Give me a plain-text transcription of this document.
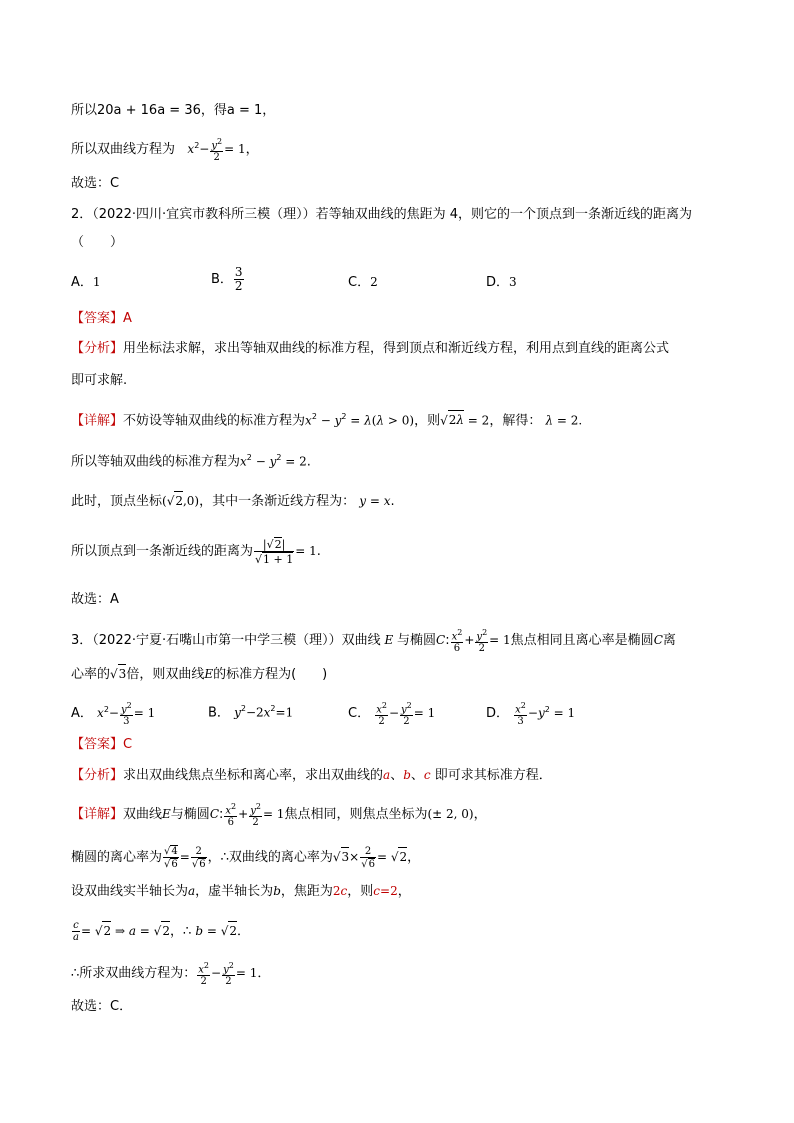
所以20a + 16a = 36，得a = 1，
所以双曲线方程为 $x^2- \frac{y^2}{2} = 1$，
故选：C
2．（2022·四川·宜宾市教科所三模（理））若等轴双曲线的焦距为 4，则它的一个顶点到一条渐近线的距离为
（　　）
A．1	B． $\frac{3}{2}$	C．2	D．3
【答案】A
【分析】用坐标法求解，求出等轴双曲线的标准方程，得到顶点和渐近线方程，利用点到直线的距离公式
即可求解.
【详解】不妨设等轴双曲线的标准方程为$x^2 - y^2 = \lambda(\lambda > 0)$，则√2λ = 2，解得： λ = 2.
所以等轴双曲线的标准方程为$x^2 - y^2 = 2$.
此时，顶点坐标(√2,0)，其中一条渐近线方程为： y = x.
所以顶点到一条渐近线的距离为 $\frac{|√2|}{√1 + 1} = 1$.
故选：A
3．（2022·宁夏·石嘴山市第一中学三模（理））双曲线 E 与椭圆C: $\frac{x^2}{6} + \frac{y^2}{2} = 1$焦点相同且离心率是椭圆C离
心率的√3倍，则双曲线E的标准方程为(　　)
A． $x^2- \frac{y^2}{3} = 1$	B． $y^2-2x^2=1$	C． $\frac{x^2}{2} - \frac{y^2}{2} = 1$	D． $\frac{x^2}{3} -y^2 = 1$
【答案】C
【分析】求出双曲线焦点坐标和离心率，求出双曲线的a、b、c 即可求其标准方程．
【详解】双曲线E与椭圆C: $\frac{x^2}{6} + \frac{y^2}{2} = 1$焦点相同，则焦点坐标为(± 2, 0)，
椭圆的离心率为 $\frac{√4}{√6} = \frac{2}{√6}$ ，∴双曲线的离心率为$√3\times \frac{2}{√6} = √2$，
设双曲线实半轴长为a，虚半轴长为b，焦距为2c，则c=2，
$\frac{c}{a} = √2$ ⇒ a = √2，∴ b = √2．
∴所求双曲线方程为： $\frac{x^2}{2} - \frac{y^2}{2} = 1$．
故选：C．
